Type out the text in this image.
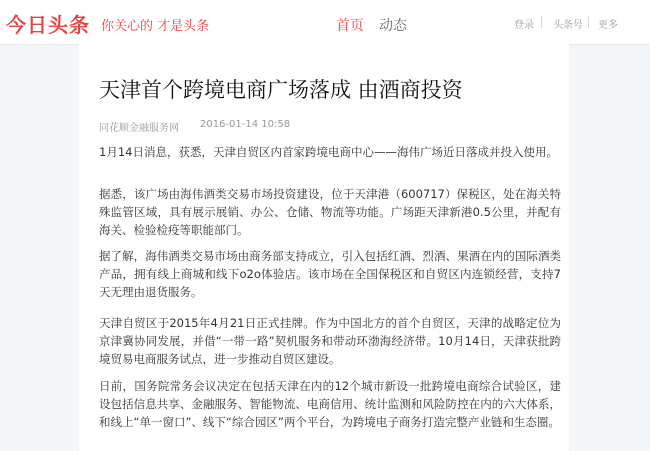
今日头条 你关心的 才是头条	首页 动态	登录 头条号 更多
天津首个跨境电商广场落成 由酒商投资
同花顺金融服务网 2016-01-14 10:58

1月14日消息，获悉，天津自贸区内首家跨境电商中心——海伟广场近日落成并投入使用。

据悉，该广场由海伟酒类交易市场投资建设，位于天津港（600717）保税区，处在海关特殊监管区域，具有展示展销、办公、仓储、物流等功能。广场距天津新港0.5公里，并配有海关、检验检疫等职能部门。

据了解，海伟酒类交易市场由商务部支持成立，引入包括红酒、烈酒、果酒在内的国际酒类产品，拥有线上商城和线下o2o体验店。该市场在全国保税区和自贸区内连锁经营，支持7天无理由退货服务。

天津自贸区于2015年4月21日正式挂牌。作为中国北方的首个自贸区，天津的战略定位为京津冀协同发展，并借“一带一路”契机服务和带动环渤海经济带。10月14日，天津获批跨境贸易电商服务试点，进一步推动自贸区建设。

日前，国务院常务会议决定在包括天津在内的12个城市新设一批跨境电商综合试验区，建设包括信息共享、金融服务、智能物流、电商信用、统计监测和风险防控在内的六大体系，和线上“单一窗口”、线下“综合园区”两个平台，为跨境电子商务打造完整产业链和生态圈。
